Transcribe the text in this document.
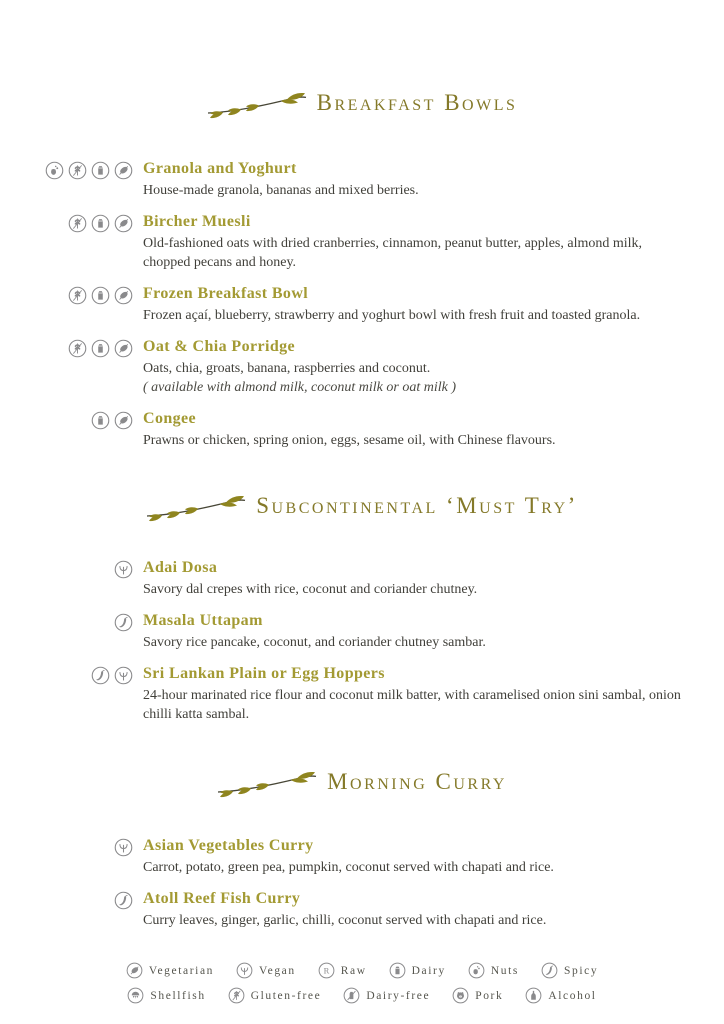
Breakfast Bowls

Granola and Yoghurt

House-made granola, bananas and mixed berries.

Bircher Muesli

Old-fashioned oats with dried cranberries, cinnamon, peanut butter, apples, almond milk, chopped pecans and honey.

Frozen Breakfast Bowl

Frozen açaí, blueberry, strawberry and yoghurt bowl with fresh fruit and toasted granola.

Oat & Chia Porridge

Oats, chia, groats, banana, raspberries and coconut.

( available with almond milk, coconut milk or oat milk )

Congee

Prawns or chicken, spring onion, eggs, sesame oil, with Chinese flavours.

Subcontinental ‘Must Try’

Adai Dosa

Savory dal crepes with rice, coconut and coriander chutney.

Masala Uttapam

Savory rice pancake, coconut, and coriander chutney sambar.

Sri Lankan Plain or Egg Hoppers

24-hour marinated rice flour and coconut milk batter, with caramelised onion sini sambal, onion chilli katta sambal.

Morning Curry

Asian Vegetables Curry

Carrot, potato, green pea, pumpkin, coconut served with chapati and rice.

Atoll Reef Fish Curry

Curry leaves, ginger, garlic, chilli, coconut served with chapati and rice.

Vegetarian	Vegan	R Raw	Dairy	Nuts	Spicy
Shellfish	Gluten-free	Dairy-free	Pork	Alcohol
